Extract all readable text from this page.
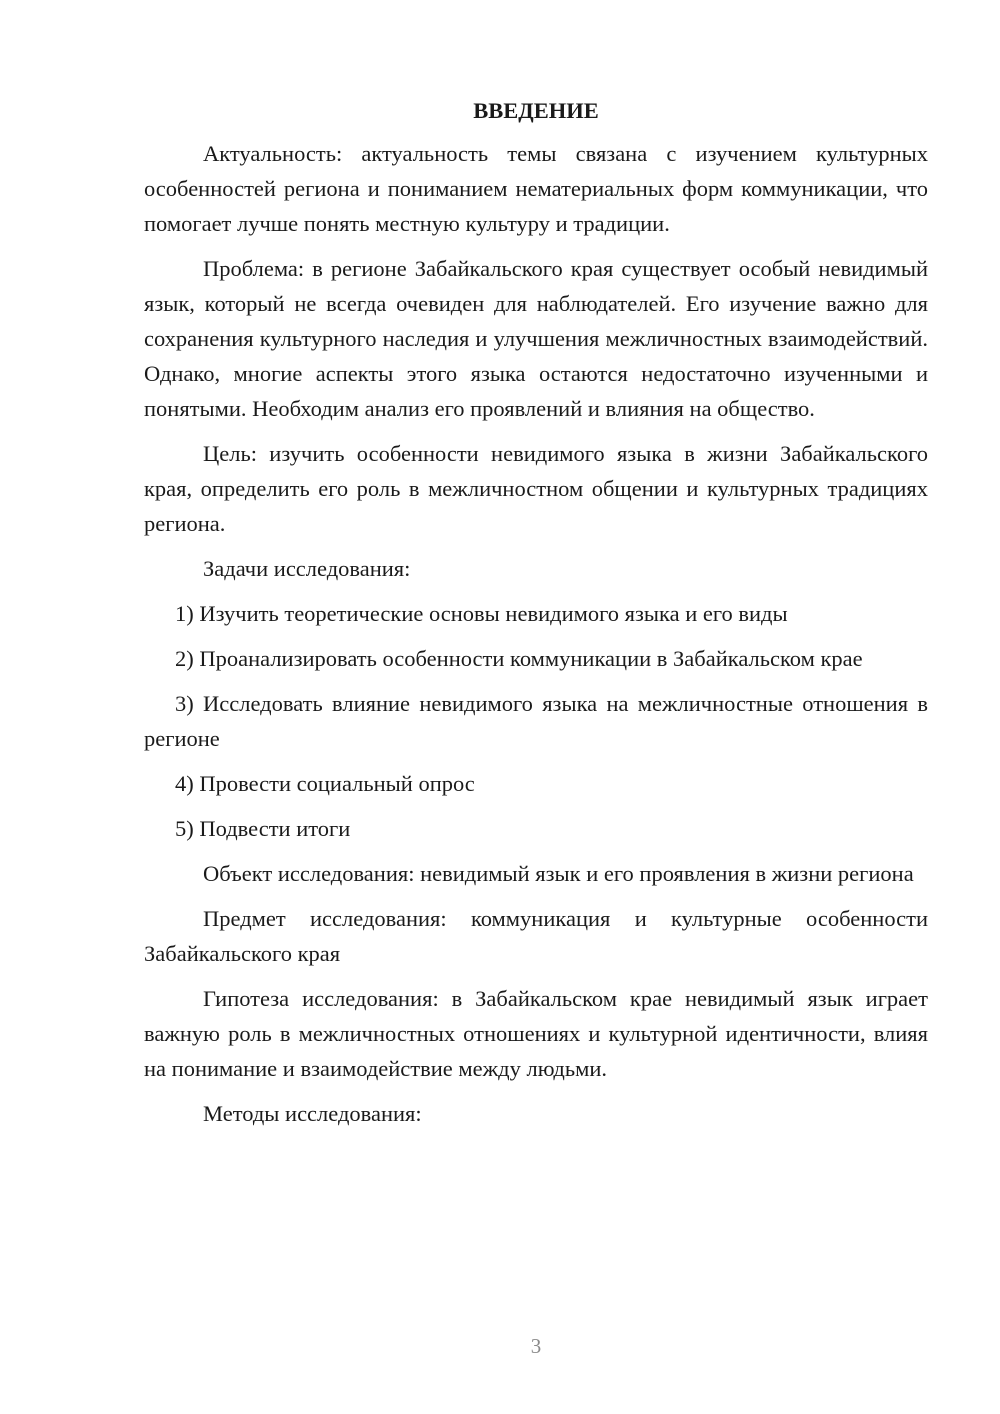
ВВЕДЕНИЕ

Актуальность: актуальность темы связана с изучением культурных особенностей региона и пониманием нематериальных форм коммуникации, что помогает лучше понять местную культуру и традиции.

Проблема: в регионе Забайкальского края существует особый невидимый язык, который не всегда очевиден для наблюдателей. Его изучение важно для сохранения культурного наследия и улучшения межличностных взаимодействий. Однако, многие аспекты этого языка остаются недостаточно изученными и понятыми. Необходим анализ его проявлений и влияния на общество.

Цель: изучить особенности невидимого языка в жизни Забайкальского края, определить его роль в межличностном общении и культурных традициях региона.

Задачи исследования:

1) Изучить теоретические основы невидимого языка и его виды

2) Проанализировать особенности коммуникации в Забайкальском крае

3) Исследовать влияние невидимого языка на межличностные отношения в регионе

4) Провести социальный опрос

5) Подвести итоги

Объект исследования: невидимый язык и его проявления в жизни региона

Предмет исследования: коммуникация и культурные особенности Забайкальского края

Гипотеза исследования: в Забайкальском крае невидимый язык играет важную роль в межличностных отношениях и культурной идентичности, влияя на понимание и взаимодействие между людьми.

Методы исследования:

3
